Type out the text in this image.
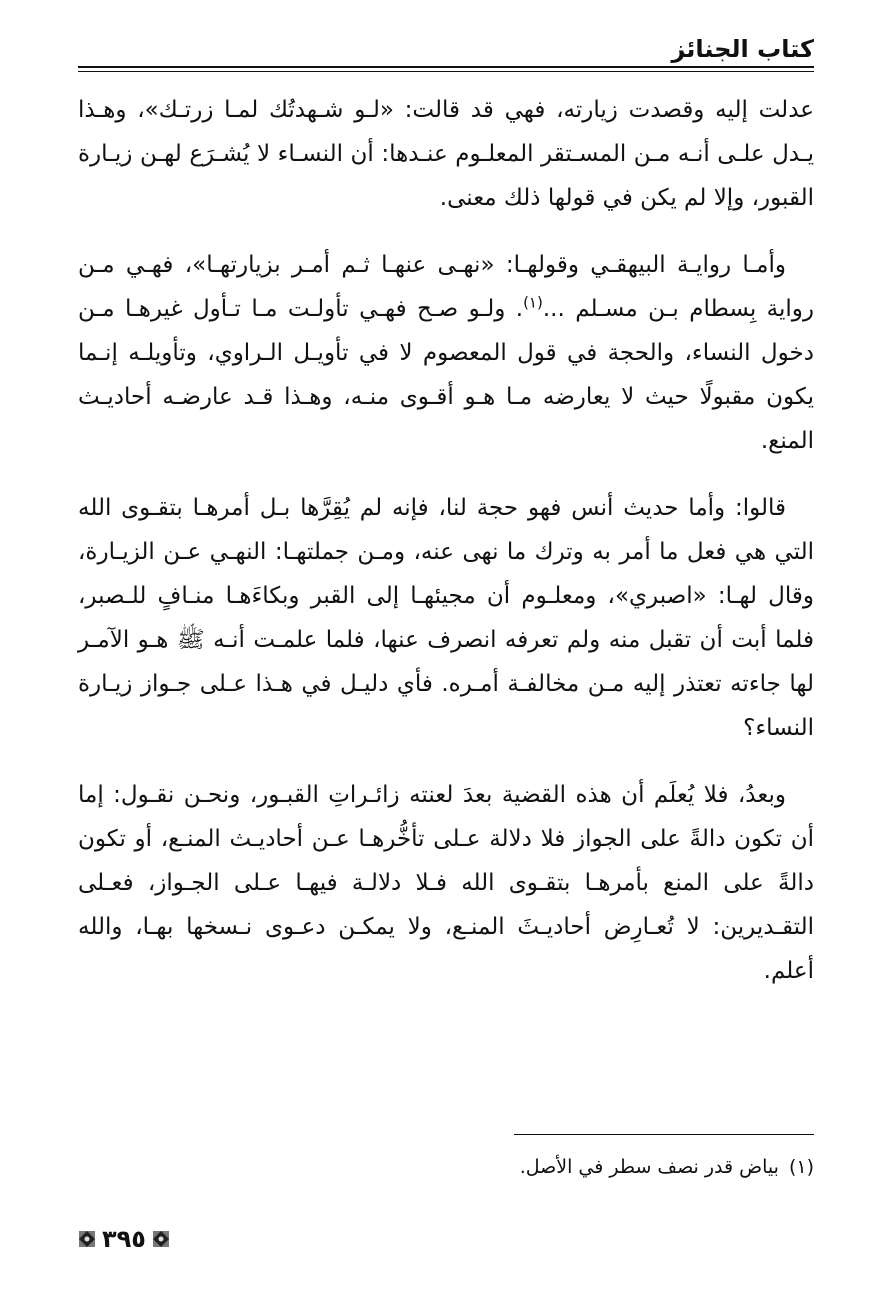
كتاب الجنائز

عدلت إليه وقصدت زيارته، فهي قد قالت: «لـو شـهدتُك لمـا زرتـك»، وهـذا يـدل علـى أنـه مـن المسـتقر المعلـوم عنـدها: أن النسـاء لا يُشـرَع لهـن زيـارة القبور، وإلا لم يكن في قولها ذلك معنى.

وأمـا روايـة البيهقـي وقولهـا: «نهـى عنهـا ثـم أمـر بزيارتهـا»، فهـي مـن رواية بِسطام بـن مسـلم ...$^{(١)}$. ولـو صـح فهـي تأولـت مـا تـأول غيرهـا مـن دخول النساء، والحجة في قول المعصوم لا في تأويـل الـراوي، وتأويلـه إنـما يكون مقبولًا حيث لا يعارضه مـا هـو أقـوى منـه، وهـذا قـد عارضـه أحاديـث المنع.

قالوا: وأما حديث أنس فهو حجة لنا، فإنه لم يُقِرَّها بـل أمرهـا بتقـوى الله التي هي فعل ما أمر به وترك ما نهى عنه، ومـن جملتهـا: النهـي عـن الزيـارة، وقال لهـا: «اصبري»، ومعلـوم أن مجيئهـا إلى القبر وبكاءَهـا منـافٍ للـصبر، فلما أبت أن تقبل منه ولم تعرفه انصرف عنها، فلما علمـت أنـه ﷺ هـو الآمـر لها جاءته تعتذر إليه مـن مخالفـة أمـره. فأي دليـل في هـذا عـلى جـواز زيـارة النساء؟

وبعدُ، فلا يُعلَم أن هذه القضية بعدَ لعنته زائـراتِ القبـور، ونحـن نقـول: إما أن تكون دالةً على الجواز فلا دلالة عـلى تأخُّرهـا عـن أحاديـث المنـع، أو تكون دالةً على المنع بأمرهـا بتقـوى الله فـلا دلالـة فيهـا عـلى الجـواز، فعـلى التقـديرين: لا تُعـارِض أحاديـثَ المنـع، ولا يمكـن دعـوى نـسخها بهـا، والله أعلم.

(١)بياض قدر نصف سطر في الأصل.
٣٩٥
